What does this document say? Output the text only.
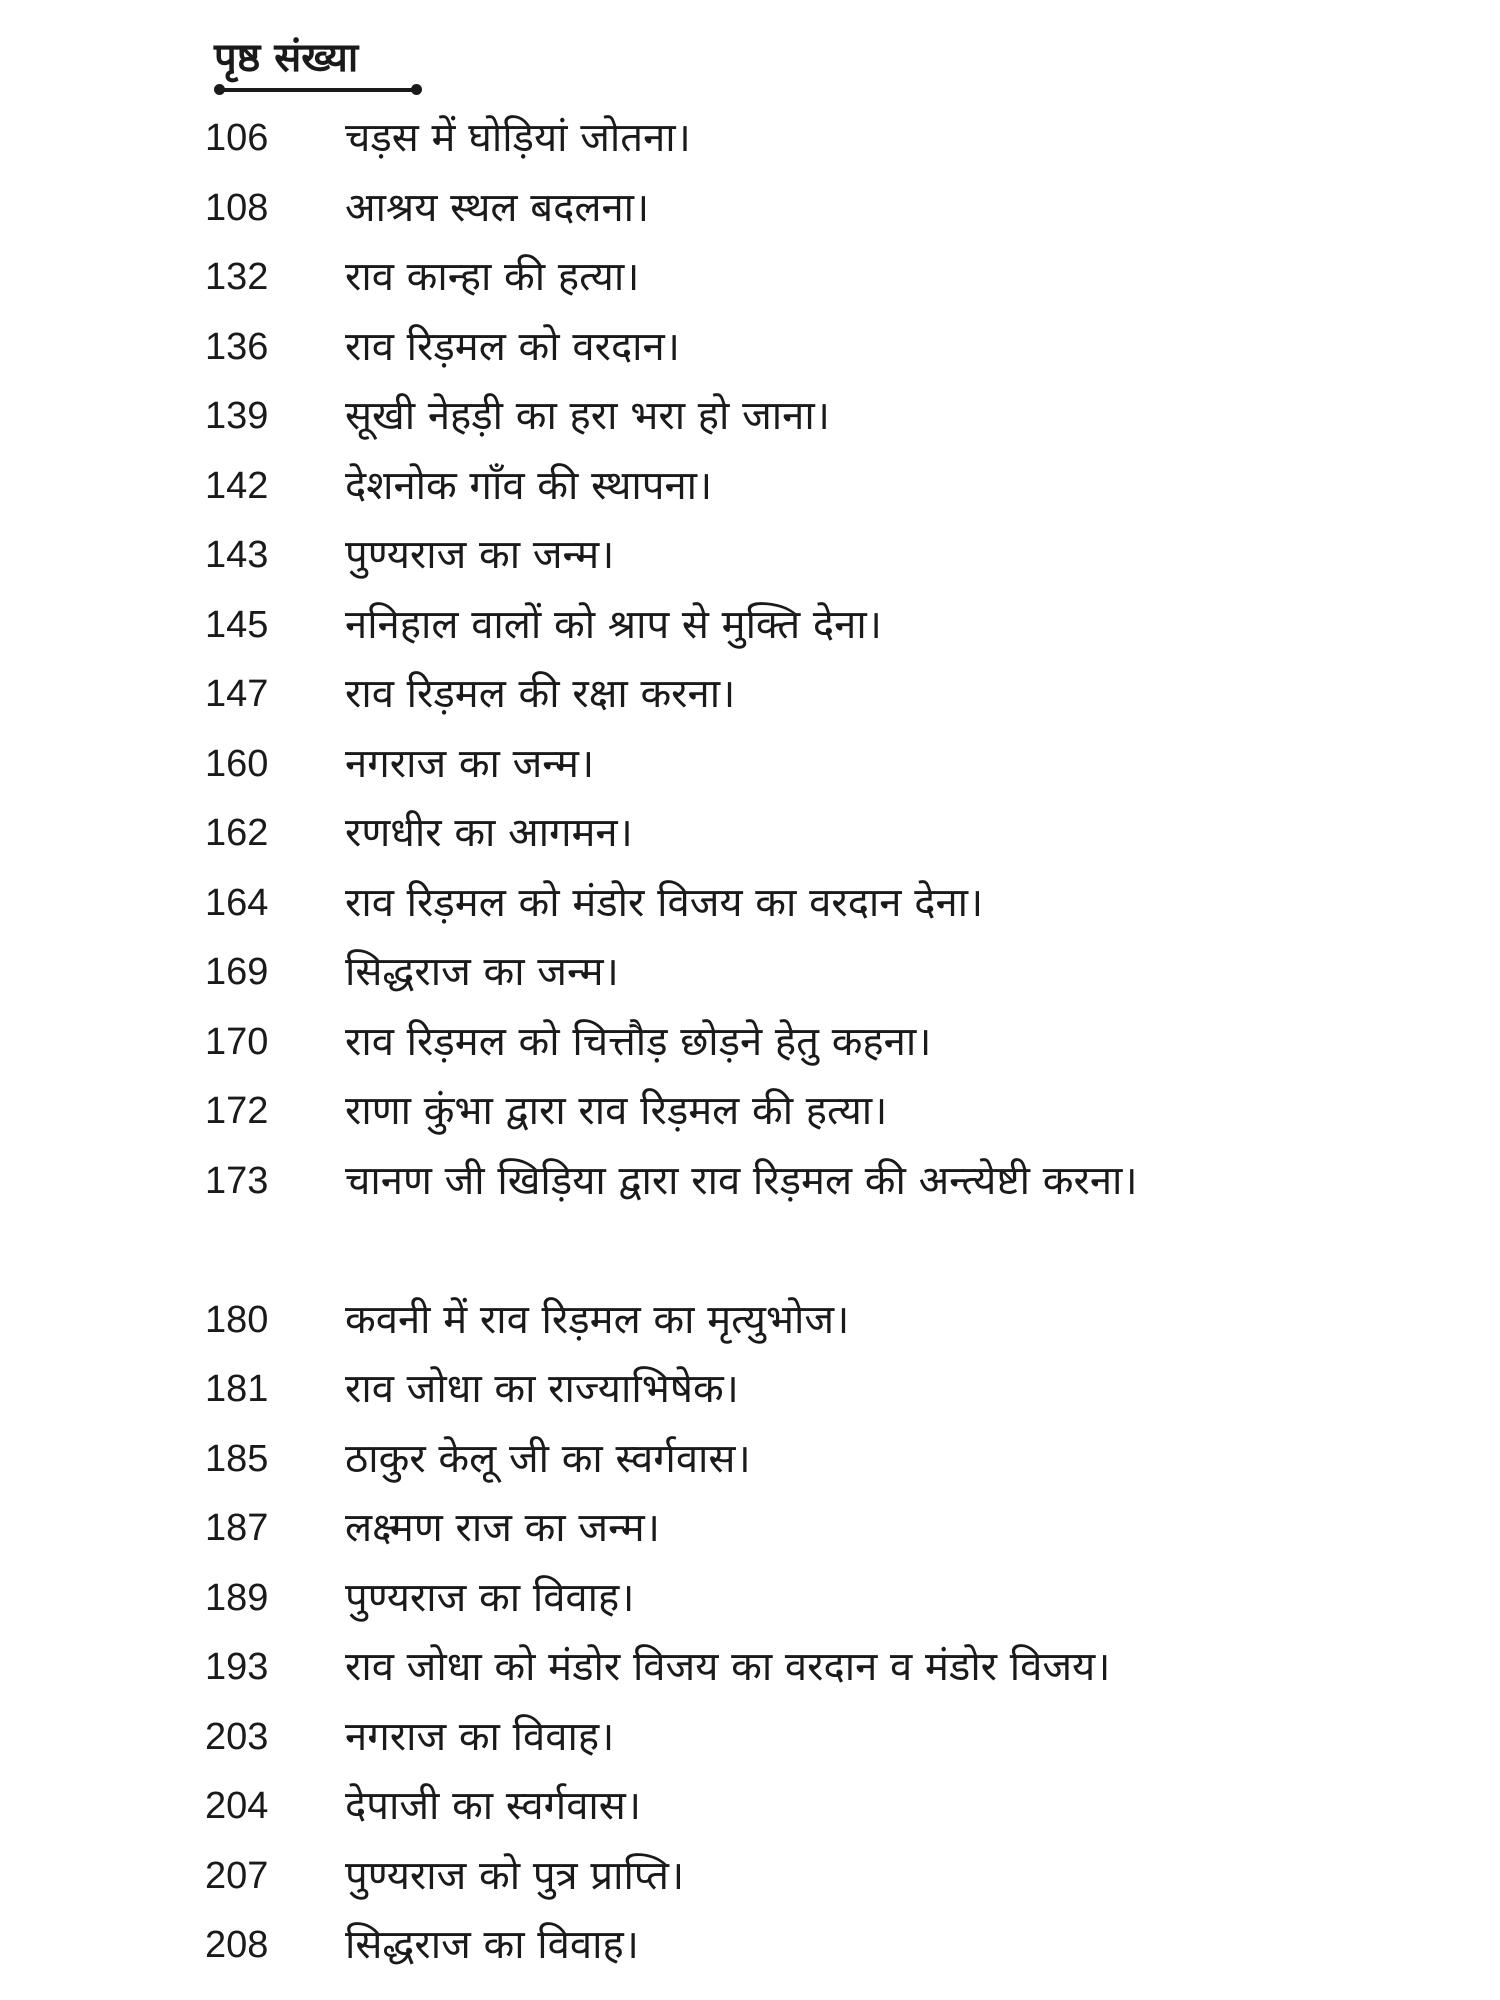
पृष्ठ संख्या
106	चड़स में घोड़ियां जोतना।
108	आश्रय स्थल बदलना।
132	राव कान्हा की हत्या।
136	राव रिड़मल को वरदान।
139	सूखी नेहड़ी का हरा भरा हो जाना।
142	देशनोक गाँव की स्थापना।
143	पुण्यराज का जन्म।
145	ननिहाल वालों को श्राप से मुक्ति देना।
147	राव रिड़मल की रक्षा करना।
160	नगराज का जन्म।
162	रणधीर का आगमन।
164	राव रिड़मल को मंडोर विजय का वरदान देना।
169	सिद्धराज का जन्म।
170	राव रिड़मल को चित्तौड़ छोड़ने हेतु कहना।
172	राणा कुंभा द्वारा राव रिड़मल की हत्या।
173	चानण जी खिड़िया द्वारा राव रिड़मल की अन्त्येष्टी करना।
180	कवनी में राव रिड़मल का मृत्युभोज।
181	राव जोधा का राज्याभिषेक।
185	ठाकुर केलू जी का स्वर्गवास।
187	लक्ष्मण राज का जन्म।
189	पुण्यराज का विवाह।
193	राव जोधा को मंडोर विजय का वरदान व मंडोर विजय।
203	नगराज का विवाह।
204	देपाजी का स्वर्गवास।
207	पुण्यराज को पुत्र प्राप्ति।
208	सिद्धराज का विवाह।
